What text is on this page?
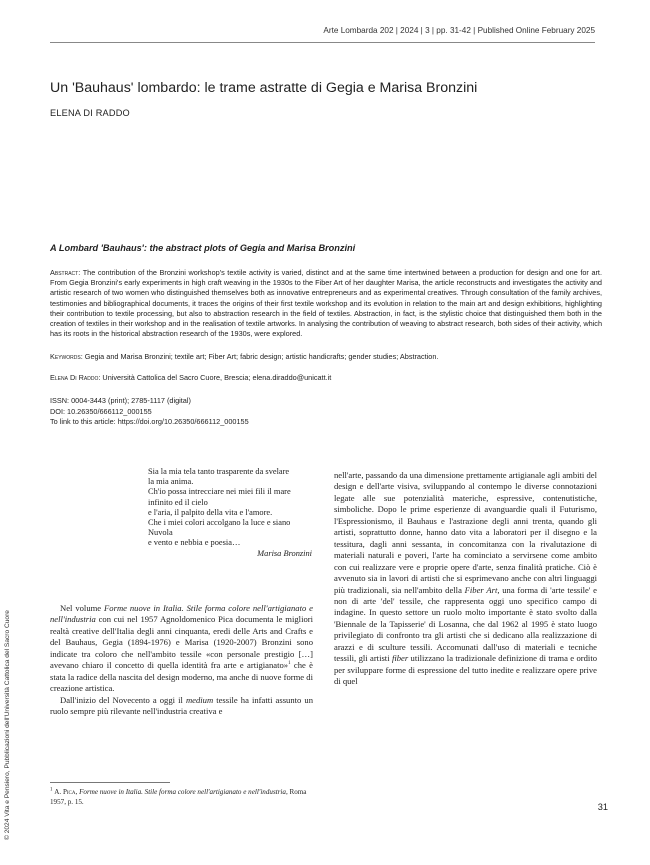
Arte Lombarda 202 | 2024 | 3 | pp. 31-42 | Published Online February 2025
Un 'Bauhaus' lombardo: le trame astratte di Gegia e Marisa Bronzini
ELENA DI RADDO
A Lombard 'Bauhaus': the abstract plots of Gegia and Marisa Bronzini
Abstract: The contribution of the Bronzini workshop's textile activity is varied, distinct and at the same time intertwined between a production for design and one for art. From Gegia Bronzini's early experiments in high craft weaving in the 1930s to the Fiber Art of her daughter Marisa, the article reconstructs and investigates the activity and artistic research of two women who distinguished themselves both as innovative entrepreneurs and as experimental creatives. Through consultation of the family archives, testimonies and bibliographical documents, it traces the origins of their first textile workshop and its evolution in relation to the main art and design exhibitions, highlighting their contribution to textile processing, but also to abstraction research in the field of textiles. Abstraction, in fact, is the stylistic choice that distinguished them both in the creation of textiles in their workshop and in the realisation of textile artworks. In analysing the contribution of weaving to abstract research, both sides of their activity, which has its roots in the historical abstraction research of the 1930s, were explored.
Keywords: Gegia and Marisa Bronzini; textile art; Fiber Art; fabric design; artistic handicrafts; gender studies; Abstraction.
Elena Di Raddo: Università Cattolica del Sacro Cuore, Brescia; elena.diraddo@unicatt.it
ISSN: 0004-3443 (print); 2785-1117 (digital)
DOI: 10.26350/666112_000155
To link to this article: https://doi.org/10.26350/666112_000155
Sia la mia tela tanto trasparente da svelare
la mia anima.
Ch'io possa intrecciare nei miei fili il mare
infinito ed il cielo
e l'aria, il palpito della vita e l'amore.
Che i miei colori accolgano la luce e siano
Nuvola
e vento e nebbia e poesia…
Marisa Bronzini

Nel volume Forme nuove in Italia. Stile forma colore nell'artigianato e nell'industria con cui nel 1957 Agnoldomenico Pica documenta le migliori realtà creative dell'Italia degli anni cinquanta, eredi delle Arts and Crafts e del Bauhaus, Gegia (1894-1976) e Marisa (1920-2007) Bronzini sono indicate tra coloro che nell'ambito tessile «con personale prestigio […] avevano chiaro il concetto di quella identità fra arte e artigianato»$^1$ che è stata la radice della nascita del design moderno, ma anche di nuove forme di creazione artistica.

Dall'inizio del Novecento a oggi il medium tessile ha infatti assunto un ruolo sempre più rilevante nell'industria creativa e

nell'arte, passando da una dimensione prettamente artigianale agli ambiti del design e dell'arte visiva, sviluppando al contempo le diverse connotazioni legate alle sue potenzialità materiche, espressive, contenutistiche, simboliche. Dopo le prime esperienze di avanguardie quali il Futurismo, l'Espressionismo, il Bauhaus e l'astrazione degli anni trenta, quando gli artisti, soprattutto donne, hanno dato vita a laboratori per il disegno e la tessitura, dagli anni sessanta, in concomitanza con la rivalutazione di materiali naturali e poveri, l'arte ha cominciato a servirsene come ambito con cui realizzare vere e proprie opere d'arte, senza finalità pratiche. Ciò è avvenuto sia in lavori di artisti che si esprimevano anche con altri linguaggi più tradizionali, sia nell'ambito della Fiber Art, una forma di 'arte tessile' e non di arte 'del' tessile, che rappresenta oggi uno specifico campo di indagine. In questo settore un ruolo molto importante è stato svolto dalla 'Biennale de la Tapisserie' di Losanna, che dal 1962 al 1995 è stato luogo privilegiato di confronto tra gli artisti che si dedicano alla realizzazione di arazzi e di sculture tessili. Accomunati dall'uso di materiali e tecniche tessili, gli artisti fiber utilizzano la tradizionale definizione di trama e ordito per sviluppare forme di espressione del tutto inedite e realizzare opere prive di quel

© 2024 Vita e Pensiero, Pubblicazioni dell'Università Cattolica del Sacro Cuore	$^1$ A. Pica, Forme nuove in Italia. Stile forma colore nell'artigianato e nell'industria, Roma 1957, p. 15.
31
